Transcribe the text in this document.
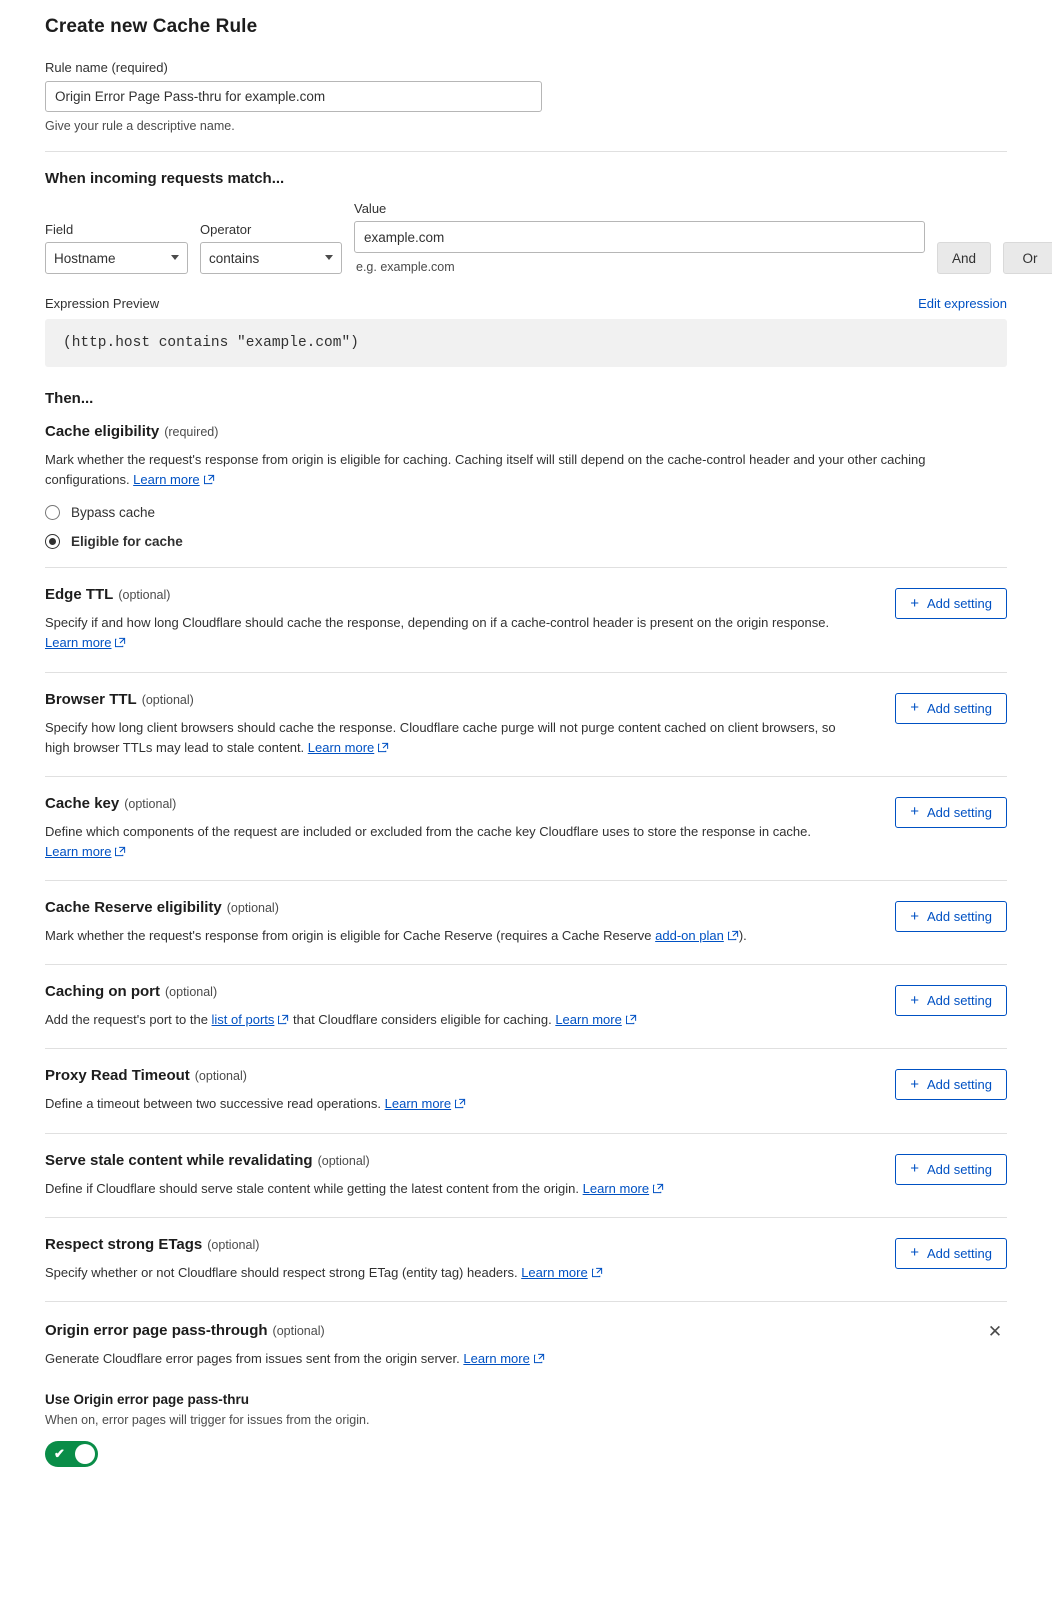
Create new Cache Rule
Rule name (required)
Origin Error Page Pass-thru for example.com
Give your rule a descriptive name.
When incoming requests match...
Field
Hostname	Operator
contains
Value
example.com
e.g. example.com
And	Or
Expression Preview	Edit expression
(http.host contains "example.com")
Then...
Cache eligibility (required)
Mark whether the request's response from origin is eligible for caching. Caching itself will still depend on the cache-control header and your other caching configurations. Learn more
Bypass cache
Eligible for cache
Edge TTL (optional)
Specify if and how long Cloudflare should cache the response, depending on if a cache-control header is present on the origin response. Learn more
+ Add setting
Browser TTL (optional)
Specify how long client browsers should cache the response. Cloudflare cache purge will not purge content cached on client browsers, so high browser TTLs may lead to stale content. Learn more
+ Add setting
Cache key (optional)
Define which components of the request are included or excluded from the cache key Cloudflare uses to store the response in cache. Learn more
+ Add setting
Cache Reserve eligibility (optional)
Mark whether the request's response from origin is eligible for Cache Reserve (requires a Cache Reserve add-on plan ).
+ Add setting
Caching on port (optional)
Add the request's port to the list of ports that Cloudflare considers eligible for caching. Learn more
+ Add setting
Proxy Read Timeout (optional)
Define a timeout between two successive read operations. Learn more
+ Add setting
Serve stale content while revalidating (optional)
Define if Cloudflare should serve stale content while getting the latest content from the origin. Learn more
+ Add setting
Respect strong ETags (optional)
Specify whether or not Cloudflare should respect strong ETag (entity tag) headers. Learn more
+ Add setting
✕
Origin error page pass-through (optional)
Generate Cloudflare error pages from issues sent from the origin server. Learn more
Use Origin error page pass-thru
When on, error pages will trigger for issues from the origin.
✔
